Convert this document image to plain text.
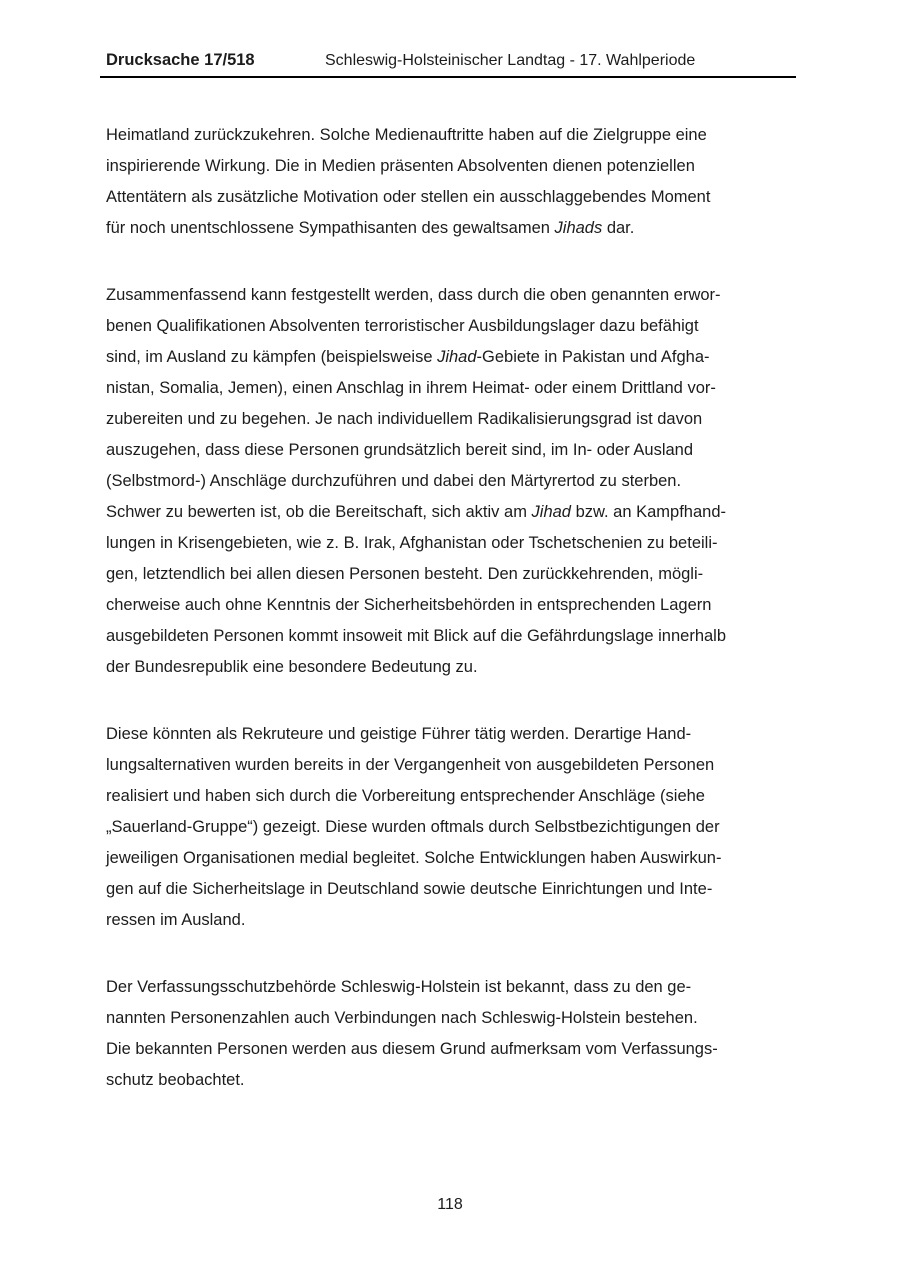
Drucksache 17/518	Schleswig-Holsteinischer Landtag - 17. Wahlperiode
Heimatland zurückzukehren. Solche Medienauftritte haben auf die Zielgruppe eine
inspirierende Wirkung. Die in Medien präsenten Absolventen dienen potenziellen
Attentätern als zusätzliche Motivation oder stellen ein ausschlaggebendes Moment
für noch unentschlossene Sympathisanten des gewaltsamen Jihads dar.
Zusammenfassend kann festgestellt werden, dass durch die oben genannten erwor-
benen Qualifikationen Absolventen terroristischer Ausbildungslager dazu befähigt
sind, im Ausland zu kämpfen (beispielsweise Jihad-Gebiete in Pakistan und Afgha-
nistan, Somalia, Jemen), einen Anschlag in ihrem Heimat- oder einem Drittland vor-
zubereiten und zu begehen. Je nach individuellem Radikalisierungsgrad ist davon
auszugehen, dass diese Personen grundsätzlich bereit sind, im In- oder Ausland
(Selbstmord-) Anschläge durchzuführen und dabei den Märtyrertod zu sterben.
Schwer zu bewerten ist, ob die Bereitschaft, sich aktiv am Jihad bzw. an Kampfhand-
lungen in Krisengebieten, wie z. B. Irak, Afghanistan oder Tschetschenien zu beteili-
gen, letztendlich bei allen diesen Personen besteht. Den zurückkehrenden, mögli-
cherweise auch ohne Kenntnis der Sicherheitsbehörden in entsprechenden Lagern
ausgebildeten Personen kommt insoweit mit Blick auf die Gefährdungslage innerhalb
der Bundesrepublik eine besondere Bedeutung zu.
Diese könnten als Rekruteure und geistige Führer tätig werden. Derartige Hand-
lungsalternativen wurden bereits in der Vergangenheit von ausgebildeten Personen
realisiert und haben sich durch die Vorbereitung entsprechender Anschläge (siehe
„Sauerland-Gruppe“) gezeigt. Diese wurden oftmals durch Selbstbezichtigungen der
jeweiligen Organisationen medial begleitet. Solche Entwicklungen haben Auswirkun-
gen auf die Sicherheitslage in Deutschland sowie deutsche Einrichtungen und Inte-
ressen im Ausland.
Der Verfassungsschutzbehörde Schleswig-Holstein ist bekannt, dass zu den ge-
nannten Personenzahlen auch Verbindungen nach Schleswig-Holstein bestehen.
Die bekannten Personen werden aus diesem Grund aufmerksam vom Verfassungs-
schutz beobachtet.
118
